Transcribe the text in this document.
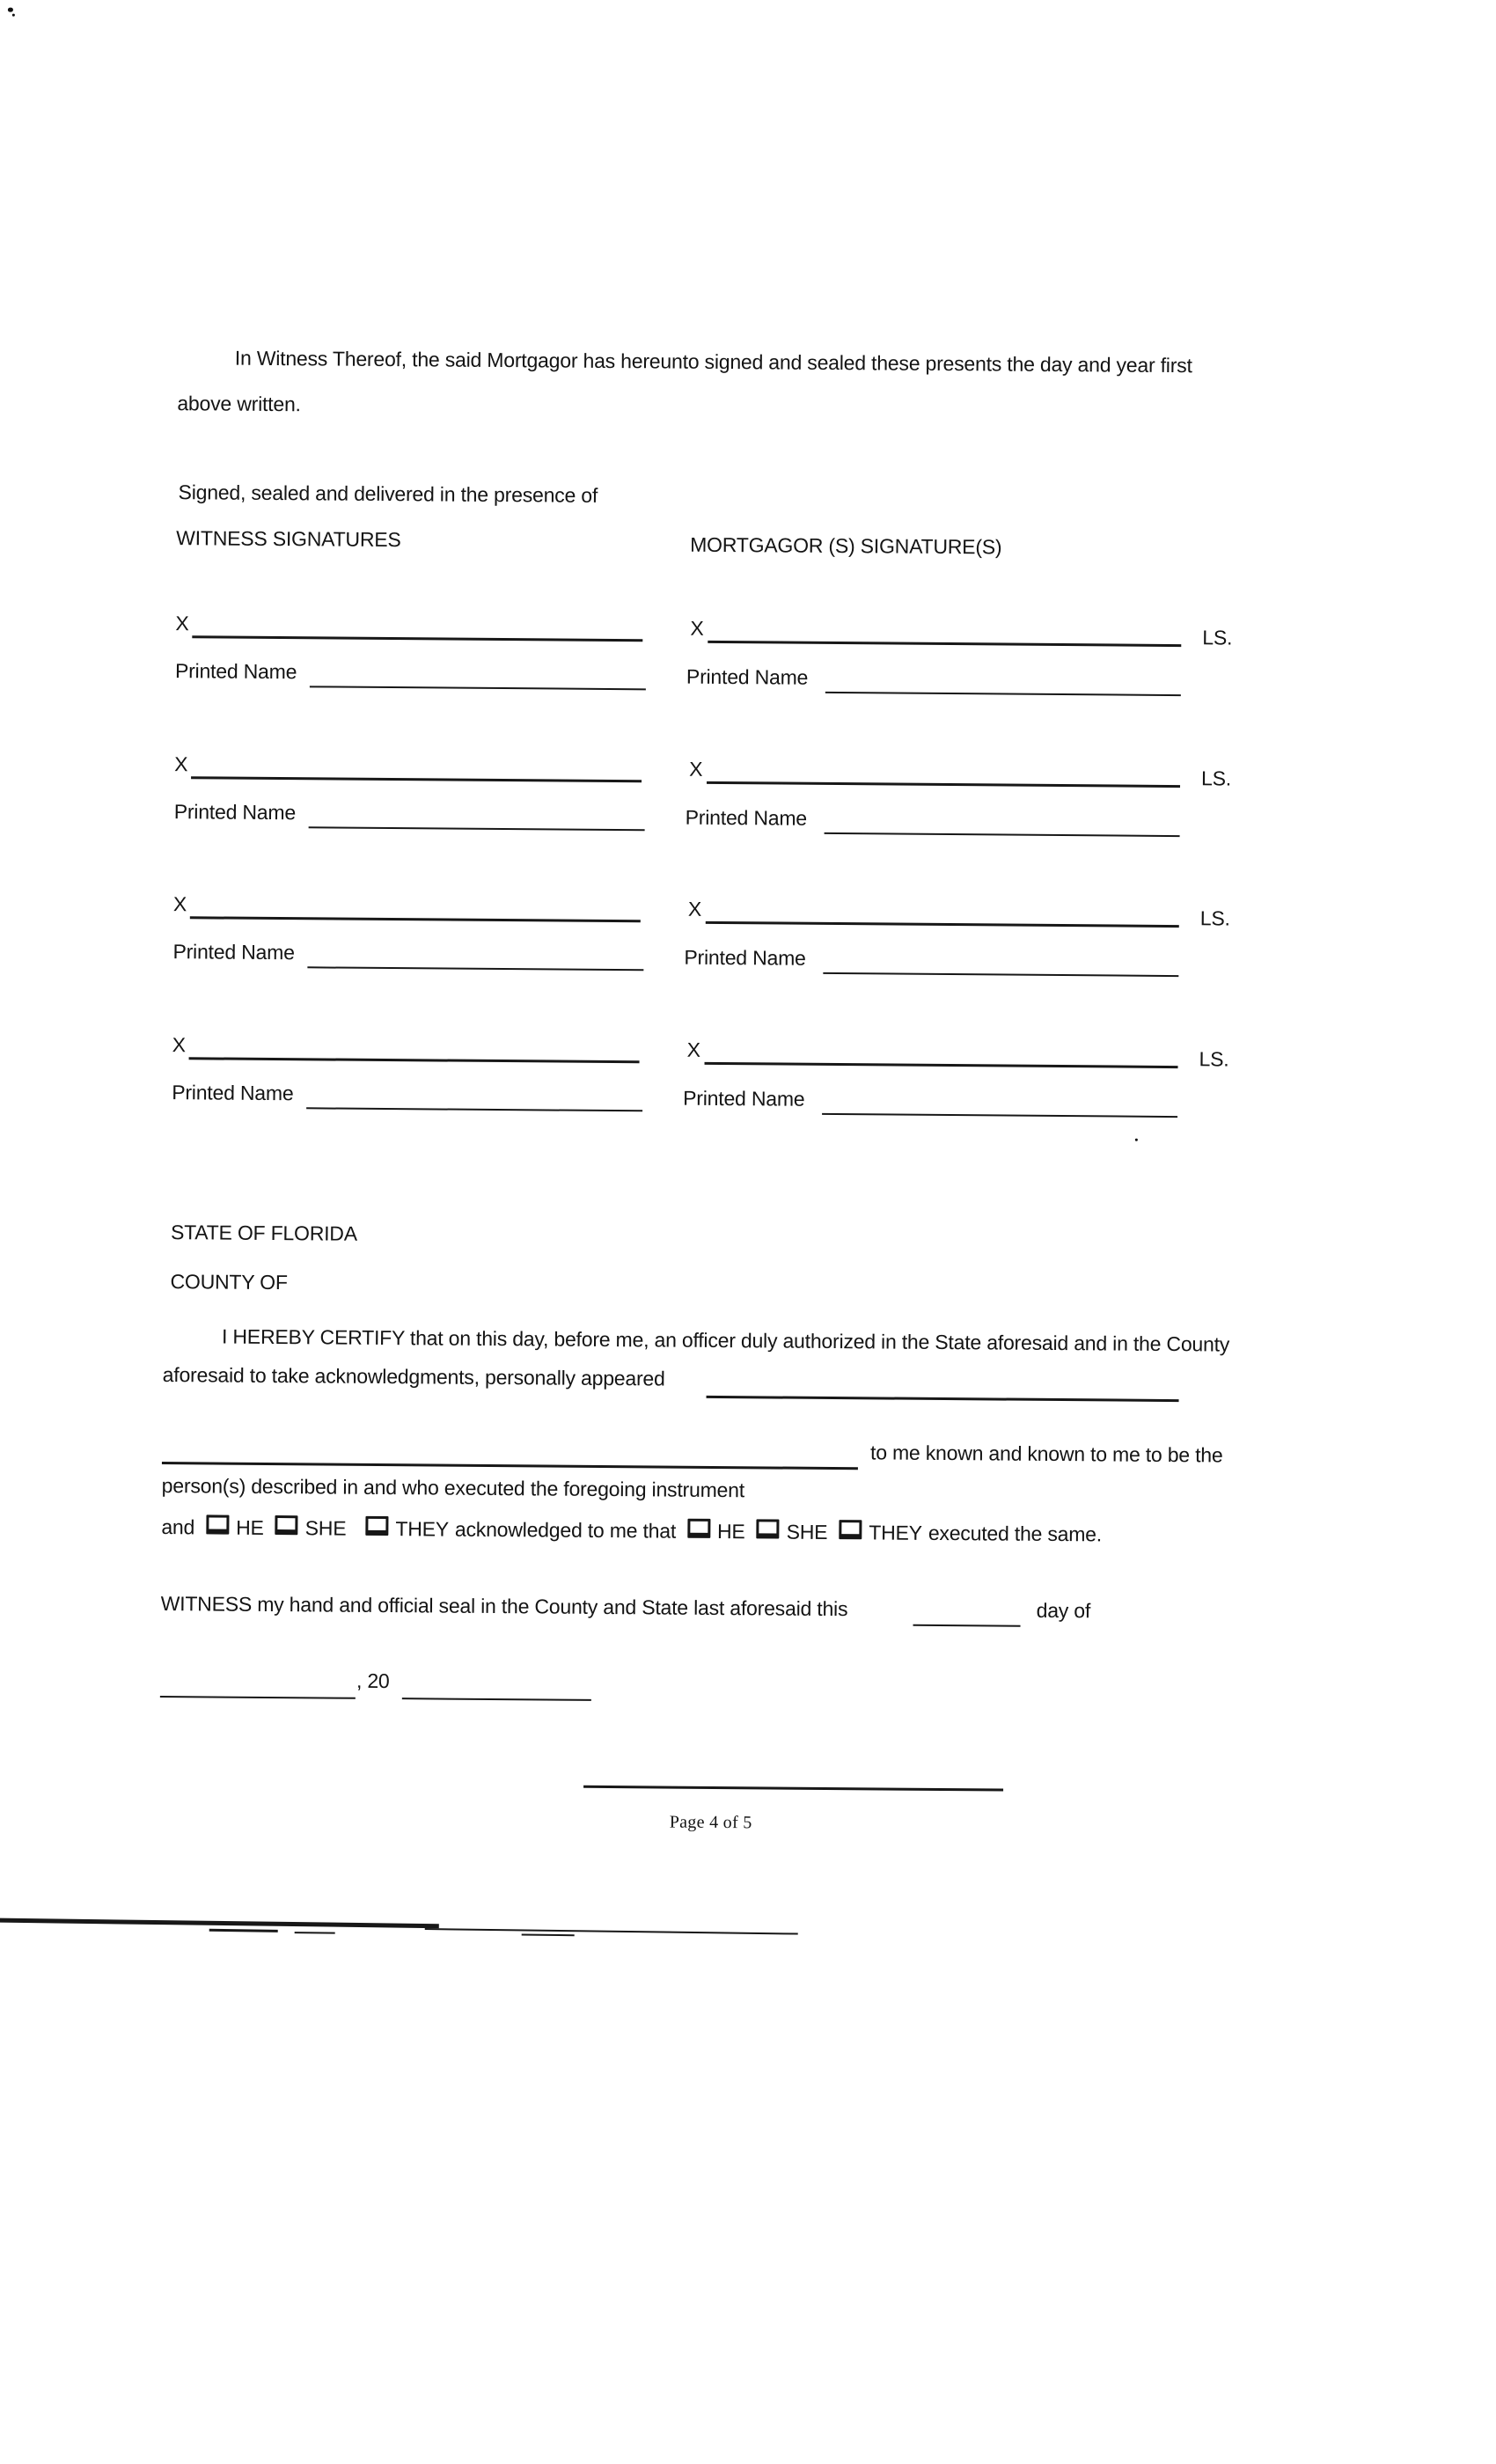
In Witness Thereof, the said Mortgagor has hereunto signed and sealed these presents the day and year first
above written.
Signed, sealed and delivered in the presence of
WITNESS SIGNATURES	MORTGAGOR (S) SIGNATURE(S)
X	X	LS.
Printed Name	Printed Name
X	X	LS.
Printed Name	Printed Name
X	X	LS.
Printed Name	Printed Name
X	X	LS.
Printed Name	Printed Name
STATE OF FLORIDA
COUNTY OF
I HEREBY CERTIFY that on this day, before me, an officer duly authorized in the State aforesaid and in the County
aforesaid to take acknowledgments, personally appeared
to me known and known to me to be the
person(s) described in and who executed the foregoing instrument
and HE SHE THEY acknowledged to me that HE SHE THEY executed the same.
WITNESS my hand and official seal in the County and State last aforesaid this	day of
, 20
Page 4 of 5
